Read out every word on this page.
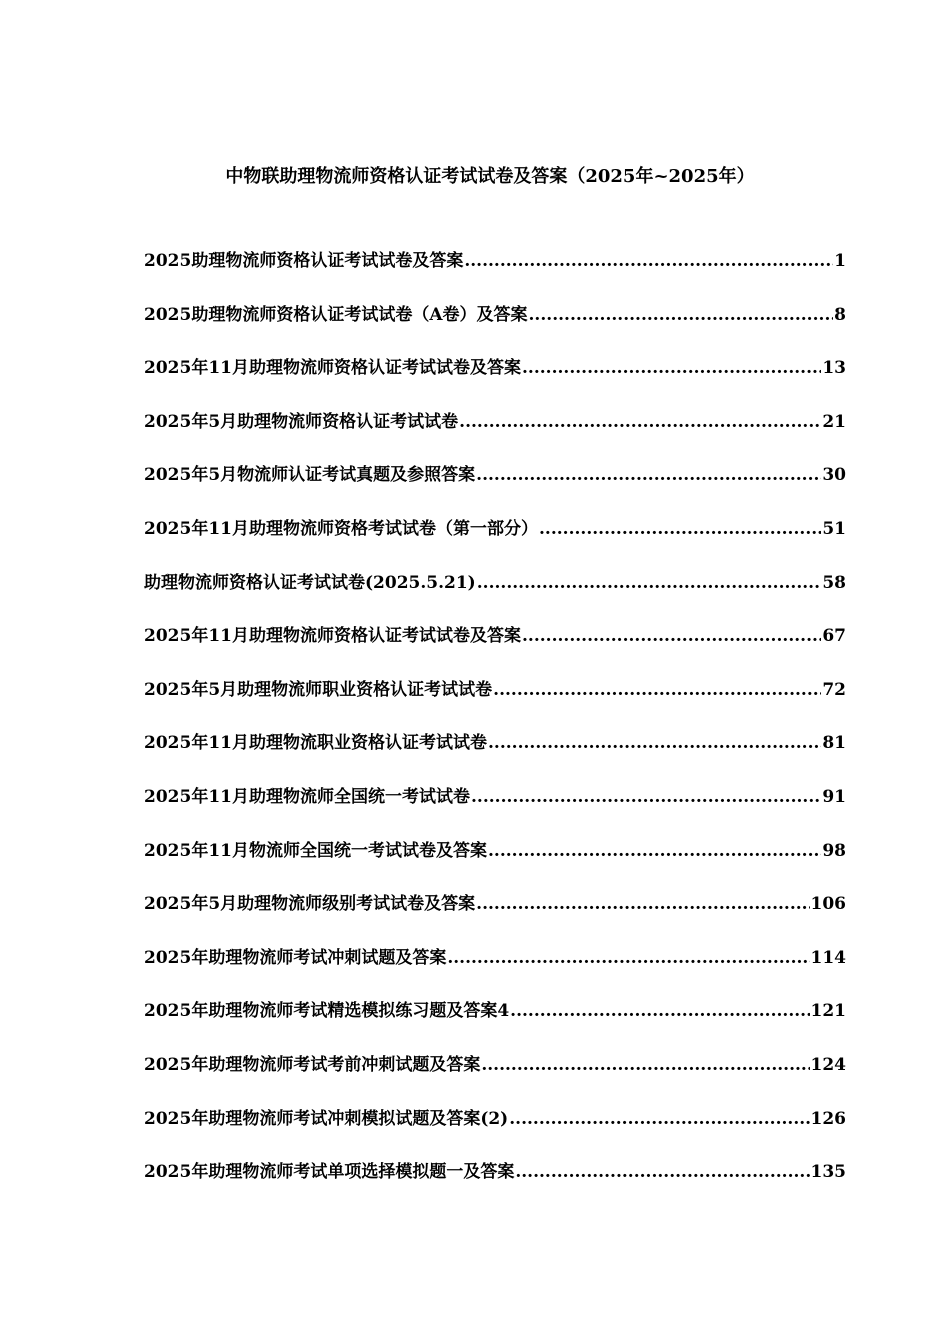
中物联助理物流师资格认证考试试卷及答案（2025年~2025年）
2025助理物流师资格认证考试试卷及答案 .....	1
2025助理物流师资格认证考试试卷（A卷）及答案 .....	8
2025年11月助理物流师资格认证考试试卷及答案 .....	13
2025年5月助理物流师资格认证考试试卷 .....	21
2025年5月物流师认证考试真题及参照答案 .....	30
2025年11月助理物流师资格考试试卷（第一部分） .....	51
助理物流师资格认证考试试卷(2025.5.21) .....	58
2025年11月助理物流师资格认证考试试卷及答案 .....	67
2025年5月助理物流师职业资格认证考试试卷 .....	72
2025年11月助理物流职业资格认证考试试卷 .....	81
2025年11月助理物流师全国统一考试试卷 .....	91
2025年11月物流师全国统一考试试卷及答案 .....	98
2025年5月助理物流师级别考试试卷及答案 .....	106
2025年助理物流师考试冲刺试题及答案 .....	114
2025年助理物流师考试精选模拟练习题及答案4 .....	121
2025年助理物流师考试考前冲刺试题及答案 .....	124
2025年助理物流师考试冲刺模拟试题及答案(2) .....	126
2025年助理物流师考试单项选择模拟题一及答案 .....	135
